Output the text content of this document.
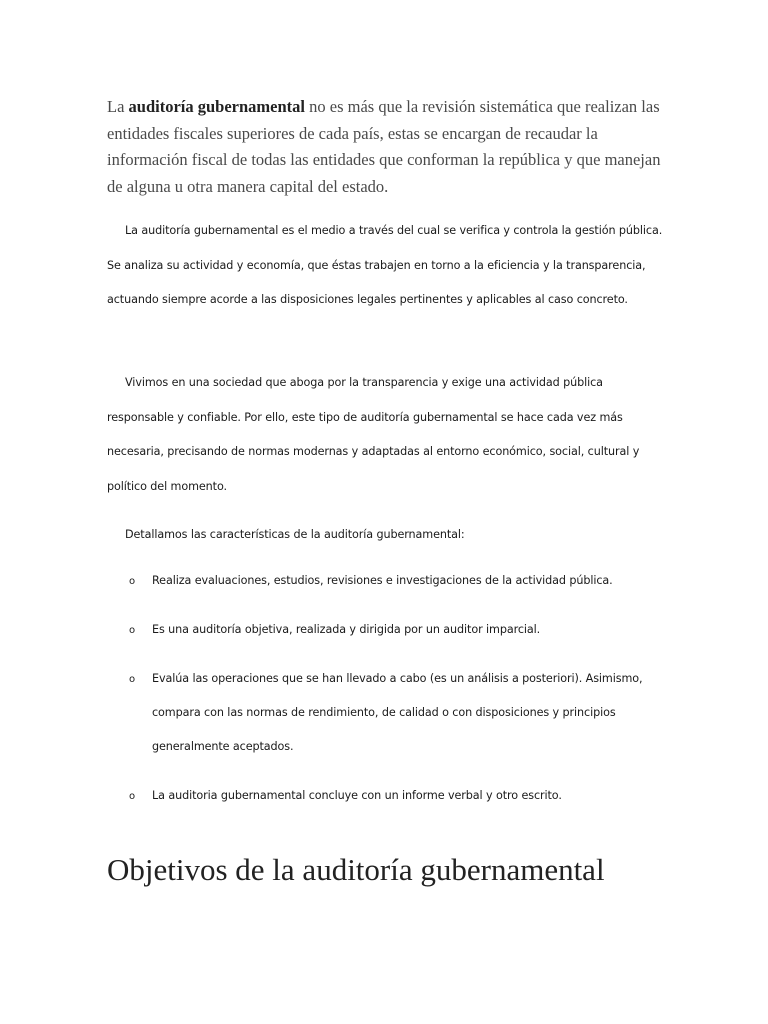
La auditoría gubernamental no es más que la revisión sistemática que realizan las entidades fiscales superiores de cada país, estas se encargan de recaudar la información fiscal de todas las entidades que conforman la república y que manejan de alguna u otra manera capital del estado.

La auditoría gubernamental es el medio a través del cual se verifica y controla la gestión pública. Se analiza su actividad y economía, que éstas trabajen en torno a la eficiencia y la transparencia, actuando siempre acorde a las disposiciones legales pertinentes y aplicables al caso concreto.

Vivimos en una sociedad que aboga por la transparencia y exige una actividad pública responsable y confiable. Por ello, este tipo de auditoría gubernamental se hace cada vez más necesaria, precisando de normas modernas y adaptadas al entorno económico, social, cultural y político del momento.

Detallamos las características de la auditoría gubernamental:

o Realiza evaluaciones, estudios, revisiones e investigaciones de la actividad pública.

o Es una auditoría objetiva, realizada y dirigida por un auditor imparcial.

o Evalúa las operaciones que se han llevado a cabo (es un análisis a posteriori). Asimismo, compara con las normas de rendimiento, de calidad o con disposiciones y principios generalmente aceptados.

o La auditoria gubernamental concluye con un informe verbal y otro escrito.

Objetivos de la auditoría gubernamental
